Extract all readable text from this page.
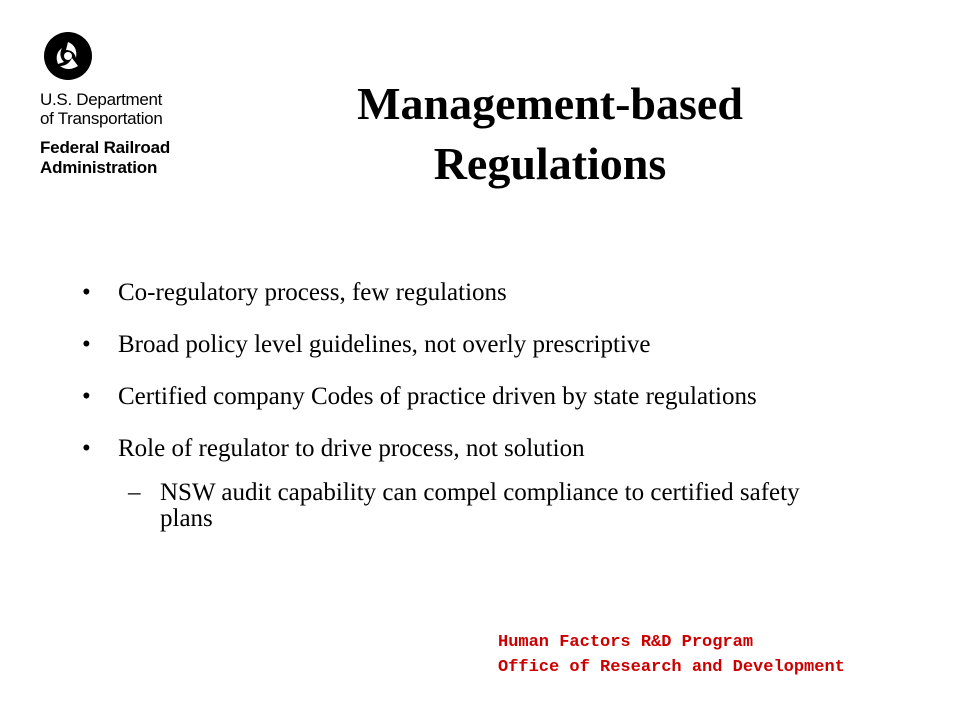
U.S. Department
of Transportation
Federal Railroad
Administration
Management-based
Regulations
• Co-regulatory process, few regulations
• Broad policy level guidelines, not overly prescriptive
• Certified company Codes of practice driven by state regulations
• Role of regulator to drive process, not solution
– NSW audit capability can compel compliance to certified safety plans
Human Factors R&D Program
Office of Research and Development
